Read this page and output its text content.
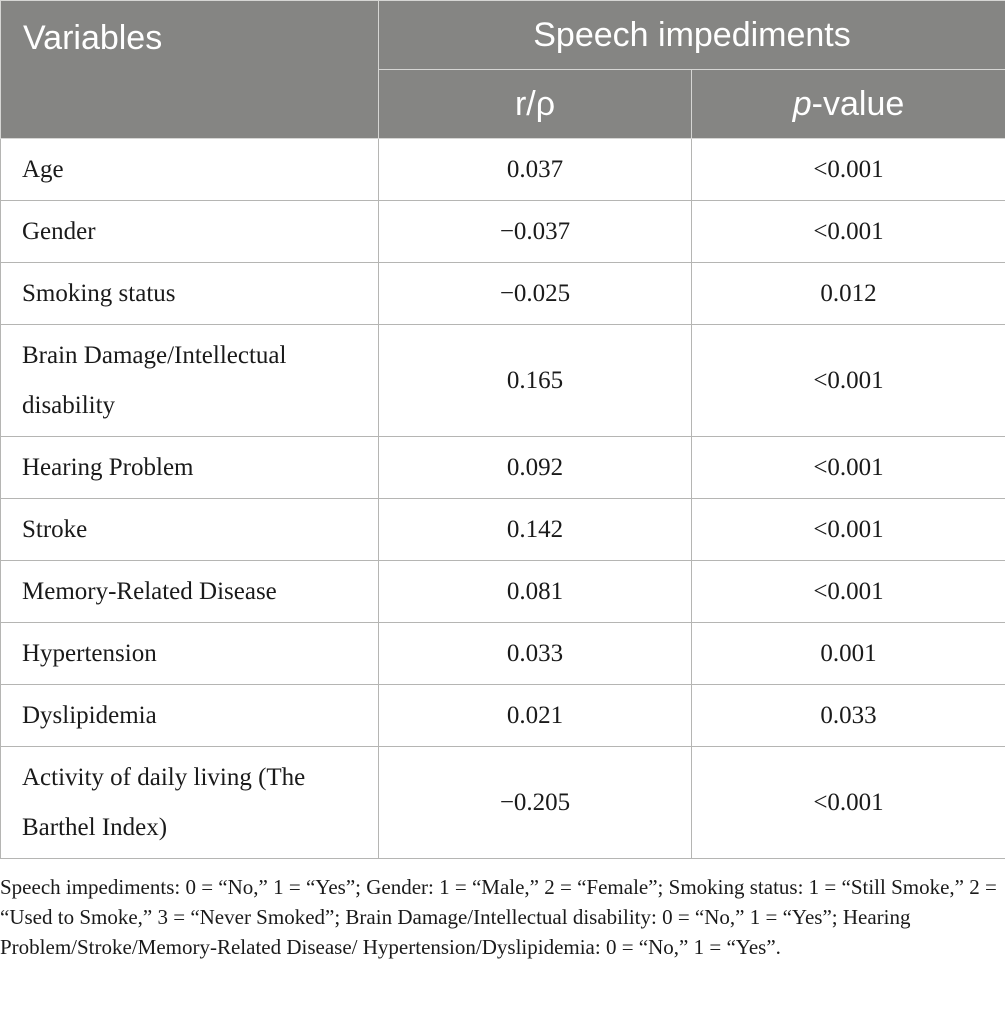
Variables	Speech impediments	
	r/ρ	p-value
Age	0.037	<0.001
Gender	−0.037	<0.001
Smoking status	−0.025	0.012
Brain Damage/Intellectual disability	0.165	<0.001
Hearing Problem	0.092	<0.001
Stroke	0.142	<0.001
Memory-Related Disease	0.081	<0.001
Hypertension	0.033	0.001
Dyslipidemia	0.021	0.033
Activity of daily living (The Barthel Index)	−0.205	<0.001

Speech impediments: 0 = “No,” 1 = “Yes”; Gender: 1 = “Male,” 2 = “Female”; Smoking status: 1 = “Still Smoke,” 2 = “Used to Smoke,” 3 = “Never Smoked”; Brain Damage/Intellectual disability: 0 = “No,” 1 = “Yes”; Hearing Problem/Stroke/Memory-Related Disease/ Hypertension/Dyslipidemia: 0 = “No,” 1 = “Yes”.
